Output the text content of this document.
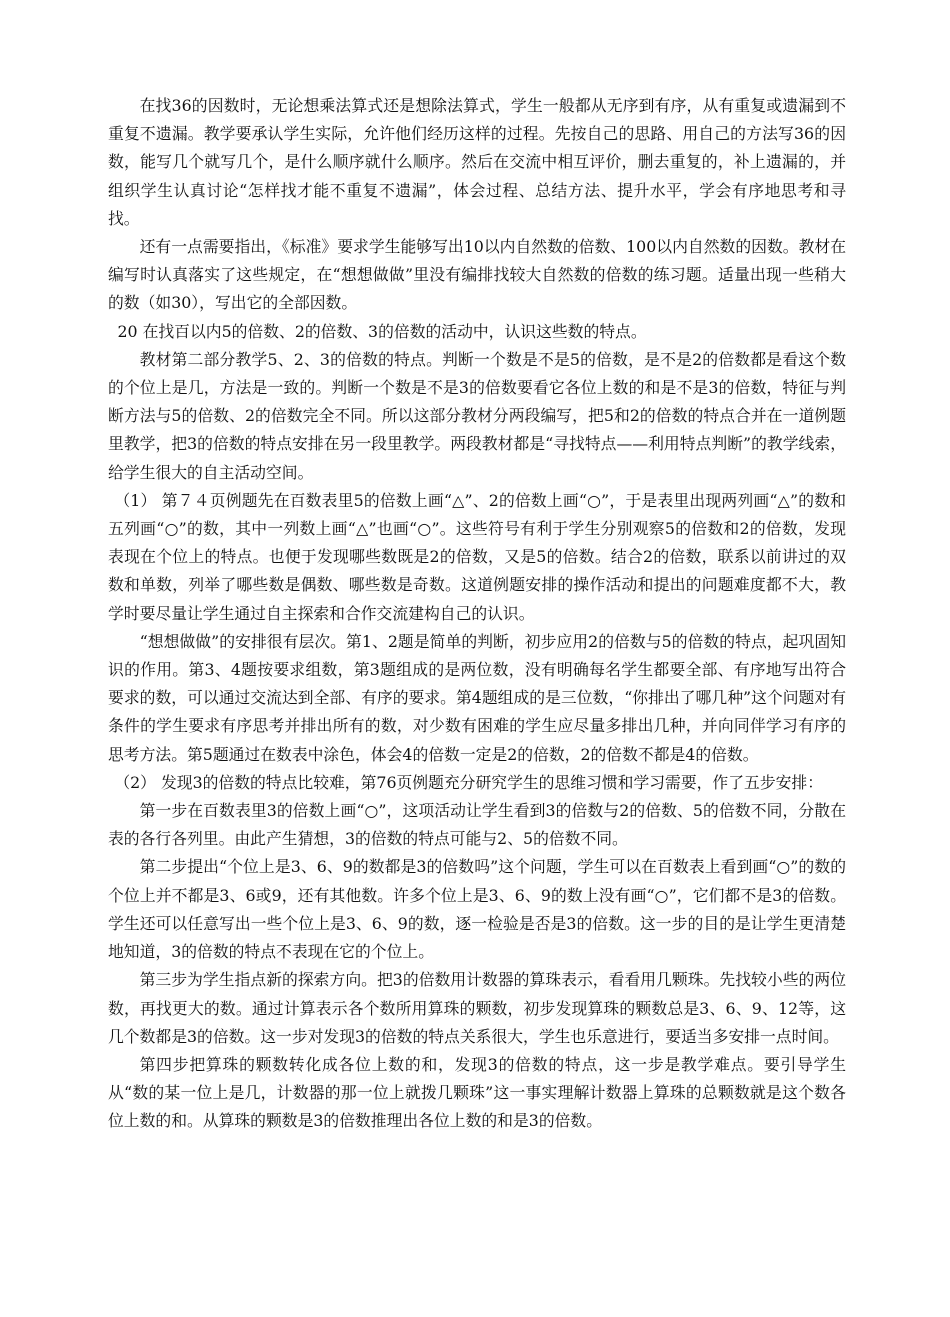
在找36的因数时，无论想乘法算式还是想除法算式，学生一般都从无序到有序，从有重复或遗漏到不重复不遗漏。教学要承认学生实际，允许他们经历这样的过程。先按自己的思路、用自己的方法写36的因数，能写几个就写几个，是什么顺序就什么顺序。然后在交流中相互评价，删去重复的，补上遗漏的，并组织学生认真讨论“怎样找才能不重复不遗漏”，体会过程、总结方法、提升水平，学会有序地思考和寻找。

还有一点需要指出，《标准》要求学生能够写出10以内自然数的倍数、100以内自然数的因数。教材在编写时认真落实了这些规定，在“想想做做”里没有编排找较大自然数的倍数的练习题。适量出现一些稍大的数（如30），写出它的全部因数。

20 在找百以内5的倍数、2的倍数、3的倍数的活动中，认识这些数的特点。

教材第二部分教学5、2、3的倍数的特点。判断一个数是不是5的倍数，是不是2的倍数都是看这个数的个位上是几，方法是一致的。判断一个数是不是3的倍数要看它各位上数的和是不是3的倍数，特征与判断方法与5的倍数、2的倍数完全不同。所以这部分教材分两段编写，把5和2的倍数的特点合并在一道例题里教学，把3的倍数的特点安排在另一段里教学。两段教材都是“寻找特点——利用特点判断”的教学线索，给学生很大的自主活动空间。

（1） 第７４页例题先在百数表里5的倍数上画“△”、2的倍数上画“○”，于是表里出现两列画“△”的数和五列画“○”的数，其中一列数上画“△”也画“○”。这些符号有利于学生分别观察5的倍数和2的倍数，发现表现在个位上的特点。也便于发现哪些数既是2的倍数，又是5的倍数。结合2的倍数，联系以前讲过的双数和单数，列举了哪些数是偶数、哪些数是奇数。这道例题安排的操作活动和提出的问题难度都不大，教学时要尽量让学生通过自主探索和合作交流建构自己的认识。

“想想做做”的安排很有层次。第1、2题是简单的判断，初步应用2的倍数与5的倍数的特点，起巩固知识的作用。第3、4题按要求组数，第3题组成的是两位数，没有明确每名学生都要全部、有序地写出符合要求的数，可以通过交流达到全部、有序的要求。第4题组成的是三位数，“你排出了哪几种”这个问题对有条件的学生要求有序思考并排出所有的数，对少数有困难的学生应尽量多排出几种，并向同伴学习有序的思考方法。第5题通过在数表中涂色，体会4的倍数一定是2的倍数，2的倍数不都是4的倍数。

（2） 发现3的倍数的特点比较难，第76页例题充分研究学生的思维习惯和学习需要，作了五步安排：

第一步在百数表里3的倍数上画“○”，这项活动让学生看到3的倍数与2的倍数、5的倍数不同，分散在表的各行各列里。由此产生猜想，3的倍数的特点可能与2、5的倍数不同。

第二步提出“个位上是3、6、9的数都是3的倍数吗”这个问题，学生可以在百数表上看到画“○”的数的个位上并不都是3、6或9，还有其他数。许多个位上是3、6、9的数上没有画“○”，它们都不是3的倍数。学生还可以任意写出一些个位上是3、6、9的数，逐一检验是否是3的倍数。这一步的目的是让学生更清楚地知道，3的倍数的特点不表现在它的个位上。

第三步为学生指点新的探索方向。把3的倍数用计数器的算珠表示，看看用几颗珠。先找较小些的两位数，再找更大的数。通过计算表示各个数所用算珠的颗数，初步发现算珠的颗数总是3、6、9、12等，这几个数都是3的倍数。这一步对发现3的倍数的特点关系很大，学生也乐意进行，要适当多安排一点时间。

第四步把算珠的颗数转化成各位上数的和，发现3的倍数的特点，这一步是教学难点。要引导学生从“数的某一位上是几，计数器的那一位上就拨几颗珠”这一事实理解计数器上算珠的总颗数就是这个数各位上数的和。从算珠的颗数是3的倍数推理出各位上数的和是3的倍数。
